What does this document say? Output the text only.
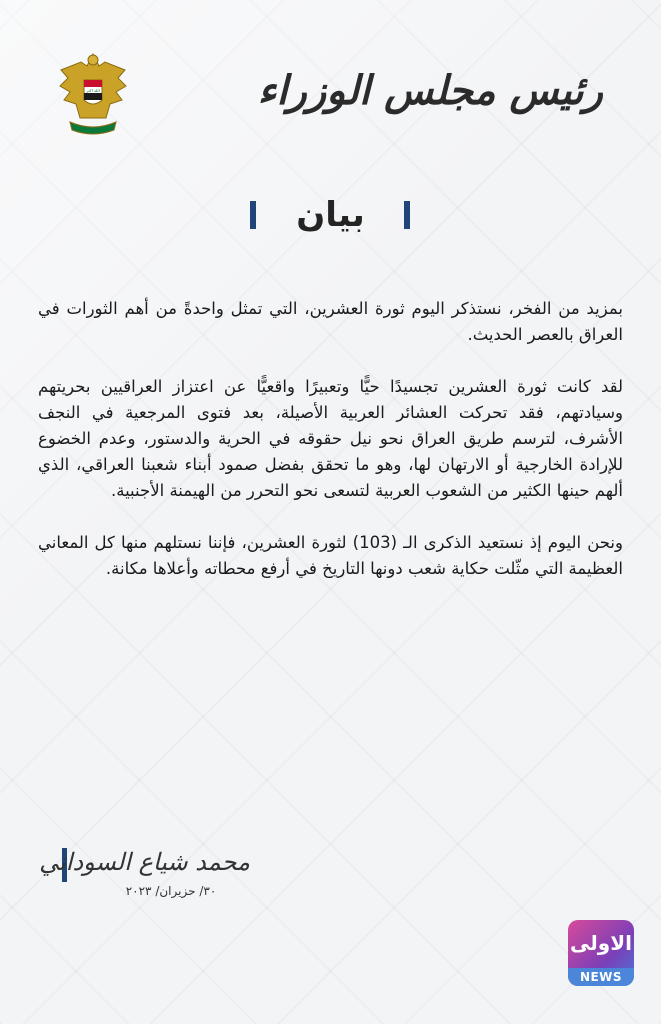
الله اكبر	رئيس مجلس الوزراء
بيان

بمزيد من الفخر، نستذكر اليوم ثورة العشرين، التي تمثل واحدةً من أهم الثورات في العراق بالعصر الحديث.

لقد كانت ثورة العشرين تجسيدًا حيًّا وتعبيرًا واقعيًّا عن اعتزاز العراقيين بحريتهم وسيادتهم، فقد تحركت العشائر العربية الأصيلة، بعد فتوى المرجعية في النجف الأشرف، لترسم طريق العراق نحو نيل حقوقه في الحرية والدستور، وعدم الخضوع للإرادة الخارجية أو الارتهان لها، وهو ما تحقق بفضل صمود أبناء شعبنا العراقي، الذي ألهم حينها الكثير من الشعوب العربية لتسعى نحو التحرر من الهيمنة الأجنبية.

ونحن اليوم إذ نستعيد الذكرى الـ (103) لثورة العشرين، فإننا نستلهم منها كل المعاني العظيمة التي مثّلت حكاية شعب دونها التاريخ في أرفع محطاته وأعلاها مكانة.

محمد شياع السوداني
٣٠/ حزيران/ ٢٠٢٣
الاولى
NEWS
